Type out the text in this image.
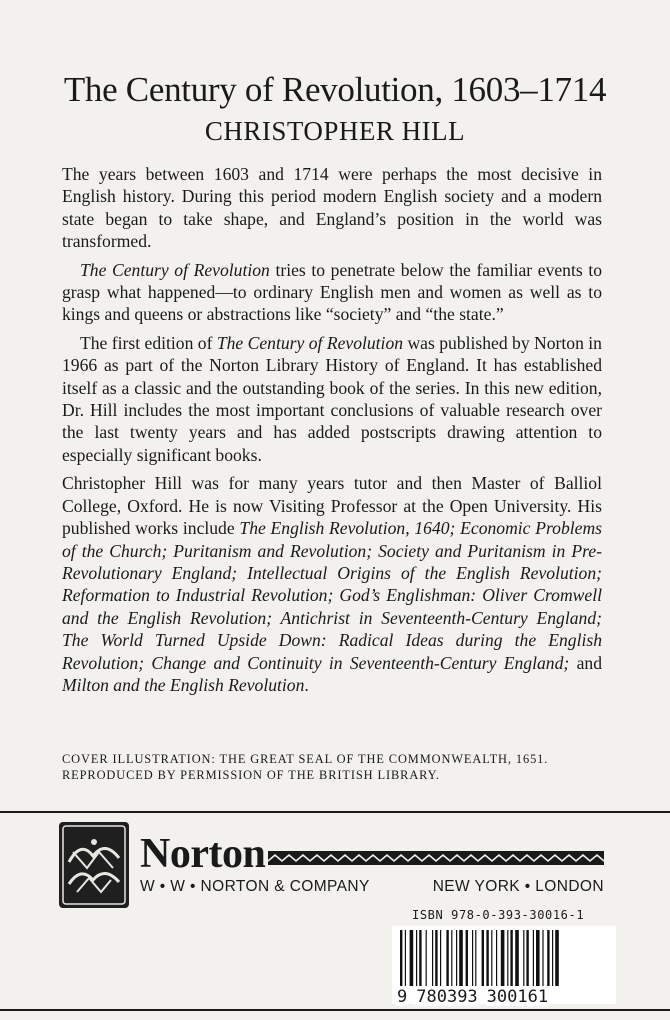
The Century of Revolution, 1603–1714
CHRISTOPHER HILL

The years between 1603 and 1714 were perhaps the most decisive in English history. During this period modern English society and a modern state began to take shape, and England’s position in the world was transformed.

The Century of Revolution tries to penetrate below the familiar events to grasp what happened—to ordinary English men and women as well as to kings and queens or abstractions like “society” and “the state.”

The first edition of The Century of Revolution was published by Norton in 1966 as part of the Norton Library History of England. It has established itself as a classic and the outstanding book of the series. In this new edition, Dr. Hill includes the most important conclusions of valuable research over the last twenty years and has added postscripts drawing attention to especially significant books.

Christopher Hill was for many years tutor and then Master of Balliol College, Oxford. He is now Visiting Professor at the Open University. His published works include The English Revolution, 1640; Economic Problems of the Church; Puritanism and Revolution; Society and Puritanism in Pre-Revolutionary England; Intellectual Origins of the English Revolution; Reformation to Industrial Revolution; God’s Englishman: Oliver Cromwell and the English Revolution; Antichrist in Seventeenth-Century England; The World Turned Upside Down: Radical Ideas during the English Revolution; Change and Continuity in Seventeenth-Century England; and Milton and the English Revolution.

COVER ILLUSTRATION: THE GREAT SEAL OF THE COMMONWEALTH, 1651.
REPRODUCED BY PERMISSION OF THE BRITISH LIBRARY.
Norton
W • W • NORTON & COMPANY	NEW YORK • LONDON
ISBN 978-0-393-30016-1
9 780393 300161
